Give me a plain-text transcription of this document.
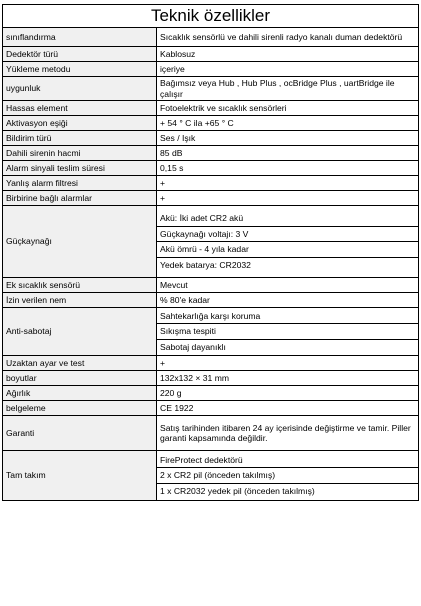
Teknik özellikler
sınıflandırma	Sıcaklık sensörlü ve dahili sirenli radyo kanalı duman dedektörü
Dedektör türü	Kablosuz
Yükleme metodu	içeriye
uygunluk	Bağımsız veya Hub , Hub Plus , ocBridge Plus , uartBridge ile çalışır
Hassas element	Fotoelektrik ve sıcaklık sensörleri
Aktivasyon eşiği	+ 54 ° C ila +65 ° C
Bildirim türü	Ses / Işık
Dahili sirenin hacmi	85 dB
Alarm sinyali teslim süresi	0,15 s
Yanlış alarm filtresi	+
Birbirine bağlı alarmlar	+
Güçkaynağı	Akü: İki adet CR2 akü
Güçkaynağı voltajı: 3 V
Akü ömrü - 4 yıla kadar
Yedek batarya: CR2032

Ek sıcaklık sensörü	Mevcut
İzin verilen nem	% 80'e kadar
Anti-sabotaj	Sahtekarlığa karşı koruma
Sıkışma tespiti
Sabotaj dayanıklı

Uzaktan ayar ve test	+
boyutlar	132x132 × 31 mm
Ağırlık	220 g
belgeleme	CE 1922
Garanti	Satış tarihinden itibaren 24 ay içerisinde değiştirme ve tamir. Piller garanti kapsamında değildir.
Tam takım	FireProtect dedektörü
2 x CR2 pil (önceden takılmış)
1 x CR2032 yedek pil (önceden takılmış)
